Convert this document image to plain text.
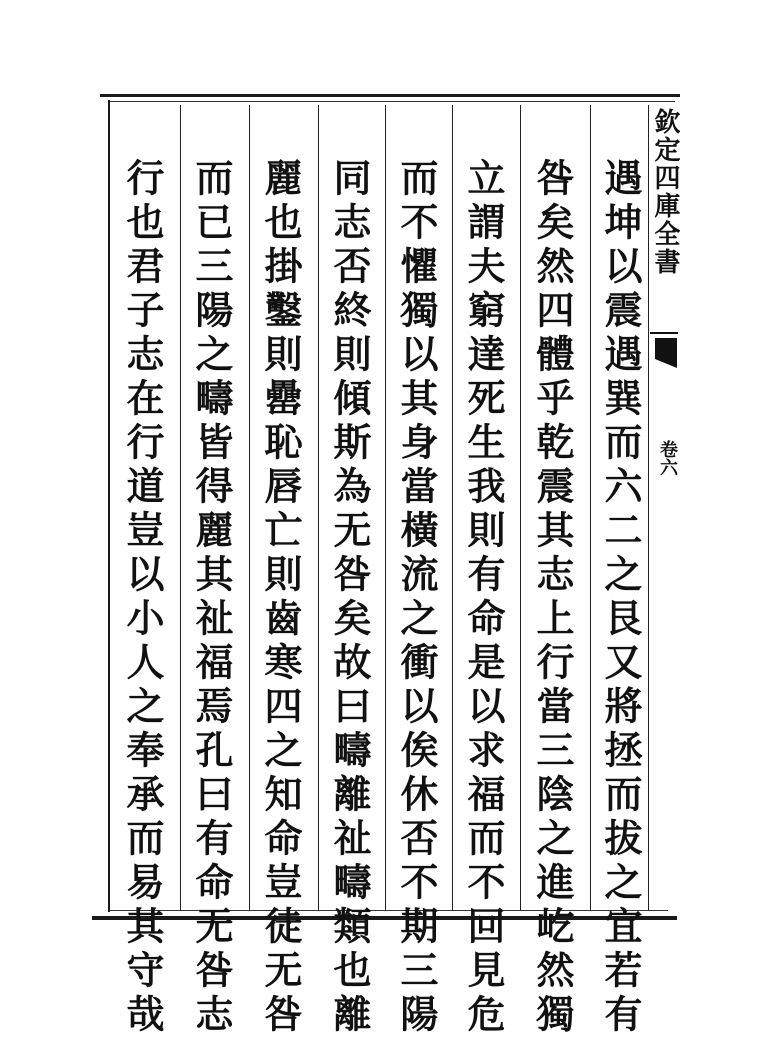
欽定四庫全書
卷六
遇坤以震遇巽而六二之艮又將拯而拔之宜若有
咎矣然四體乎乾震其志上行當三陰之進屹然獨
立謂夫窮達死生我則有命是以求福而不回見危
而不懼獨以其身當橫流之衝以俟休否不期三陽
同志否終則傾斯為无咎矣故曰疇離祉疇類也離
麗也掛鑿則罍恥唇亡則齒寒四之知命豈徒无咎
而已三陽之疇皆得麗其祉福焉孔曰有命无咎志
行也君子志在行道豈以小人之奉承而易其守哉
